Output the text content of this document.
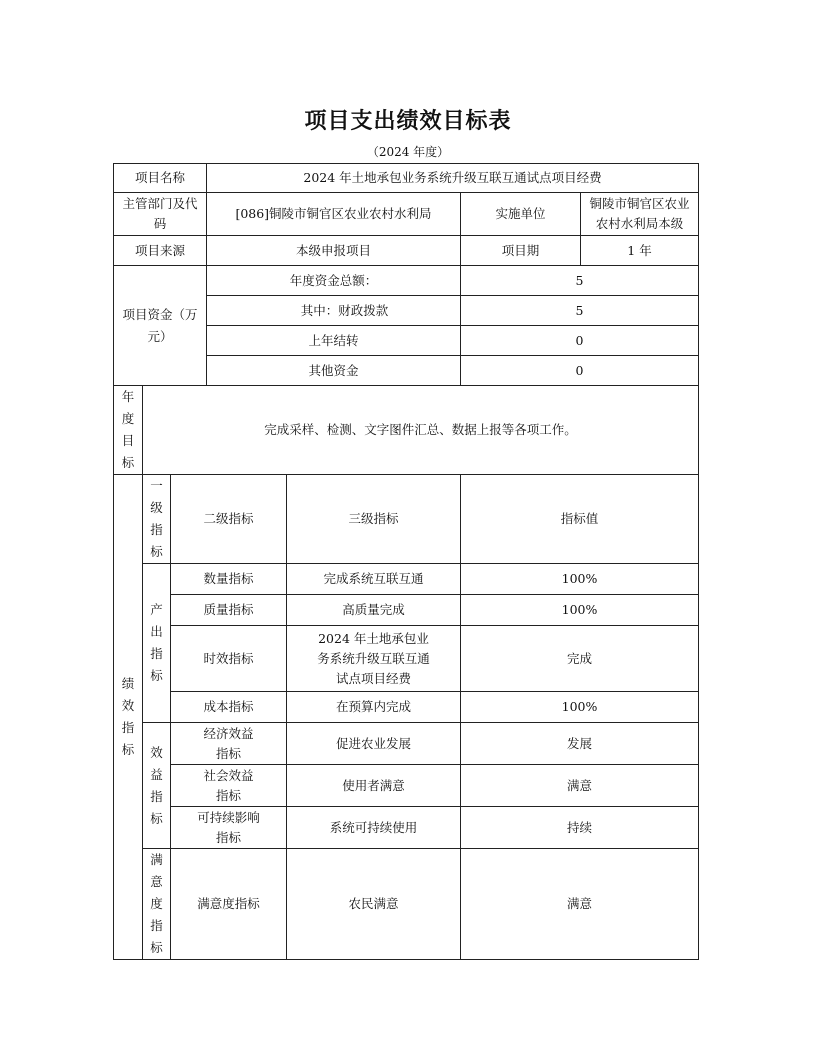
项目支出绩效目标表
（2024 年度）
项目名称			2024 年土地承包业务系统升级互联互通试点项目经费			
主管部门及代码			[086]铜陵市铜官区农业农村水利局		实施单位	铜陵市铜官区农业农村水利局本级
项目来源			本级申报项目		项目期	1 年

项目资金（万元）			年度资金总额：		5	
			其中：财政拨款		5	
			上年结转		0	
			其他资金		0	

年度目标	完成采样、检测、文字图件汇总、数据上报等各项工作。					

绩效指标	一级指标	二级指标		三级指标	指标值	

	产出指标	数量指标		完成系统互联互通	100%	
		质量指标		高质量完成	100%	
		时效指标		2024 年土地承包业务系统升级互联互通试点项目经费	完成	
		成本指标		在预算内完成	100%	

	效益指标	经济效益指标		促进农业发展	发展	

		社会效益指标		使用者满意	满意	

		可持续影响指标		系统可持续使用	持续	

	满意度指标	满意度指标		农民满意	满意	
